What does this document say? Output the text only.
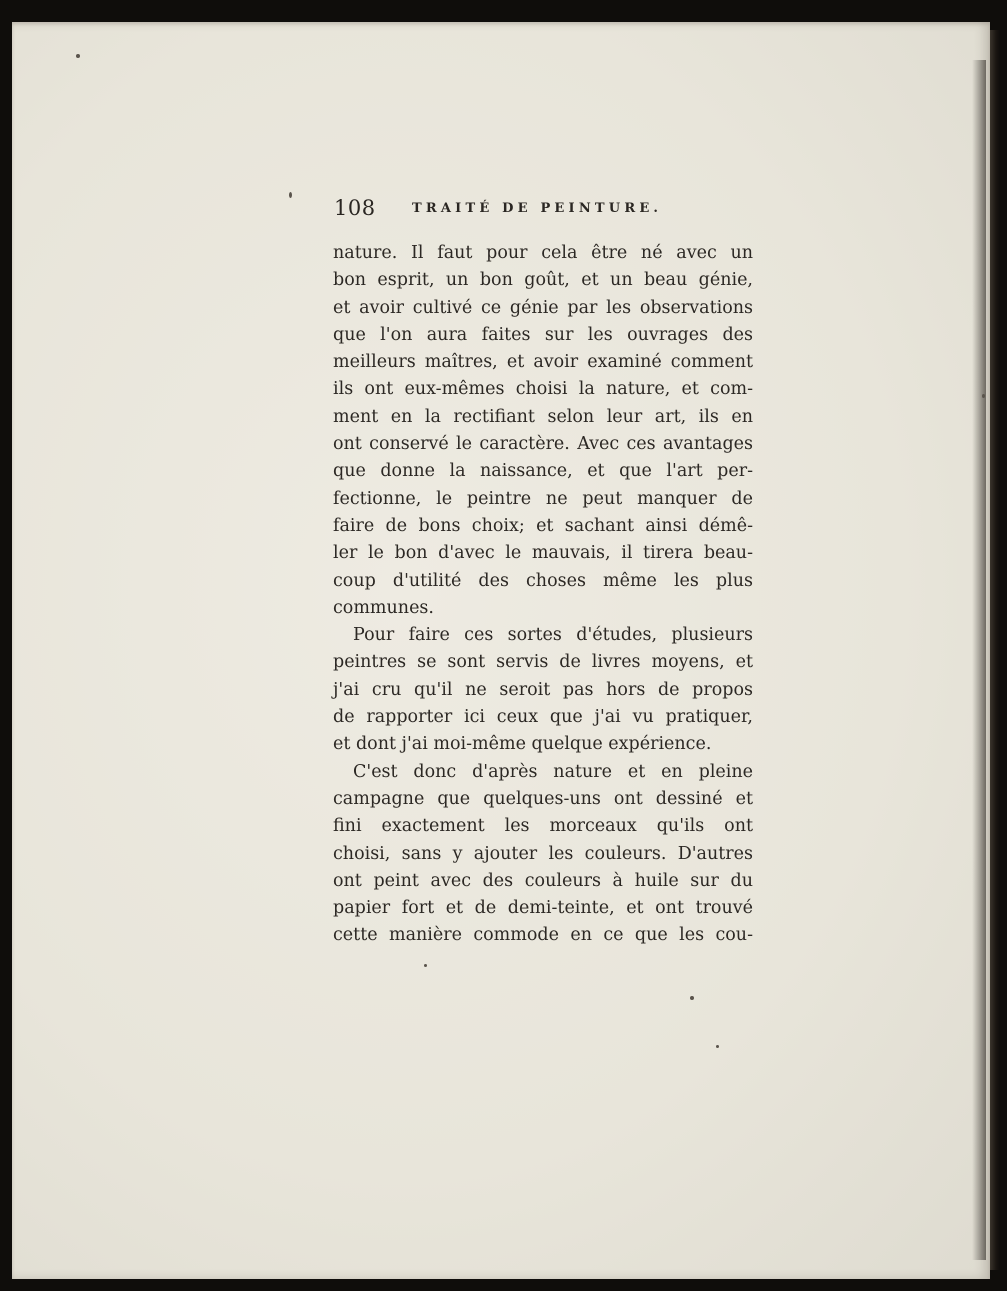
108	TRAITÉ DE PEINTURE.
nature. Il faut pour cela être né avec un
bon esprit, un bon goût, et un beau génie,
et avoir cultivé ce génie par les observations
que l'on aura faites sur les ouvrages des
meilleurs maîtres, et avoir examiné comment
ils ont eux-mêmes choisi la nature, et com-
ment en la rectifiant selon leur art, ils en
ont conservé le caractère. Avec ces avantages
que donne la naissance, et que l'art per-
fectionne, le peintre ne peut manquer de
faire de bons choix; et sachant ainsi démê-
ler le bon d'avec le mauvais, il tirera beau-
coup d'utilité des choses même les plus
communes.
Pour faire ces sortes d'études, plusieurs
peintres se sont servis de livres moyens, et
j'ai cru qu'il ne seroit pas hors de propos
de rapporter ici ceux que j'ai vu pratiquer,
et dont j'ai moi-même quelque expérience.
C'est donc d'après nature et en pleine
campagne que quelques-uns ont dessiné et
fini exactement les morceaux qu'ils ont
choisi, sans y ajouter les couleurs. D'autres
ont peint avec des couleurs à huile sur du
papier fort et de demi-teinte, et ont trouvé
cette manière commode en ce que les cou-
